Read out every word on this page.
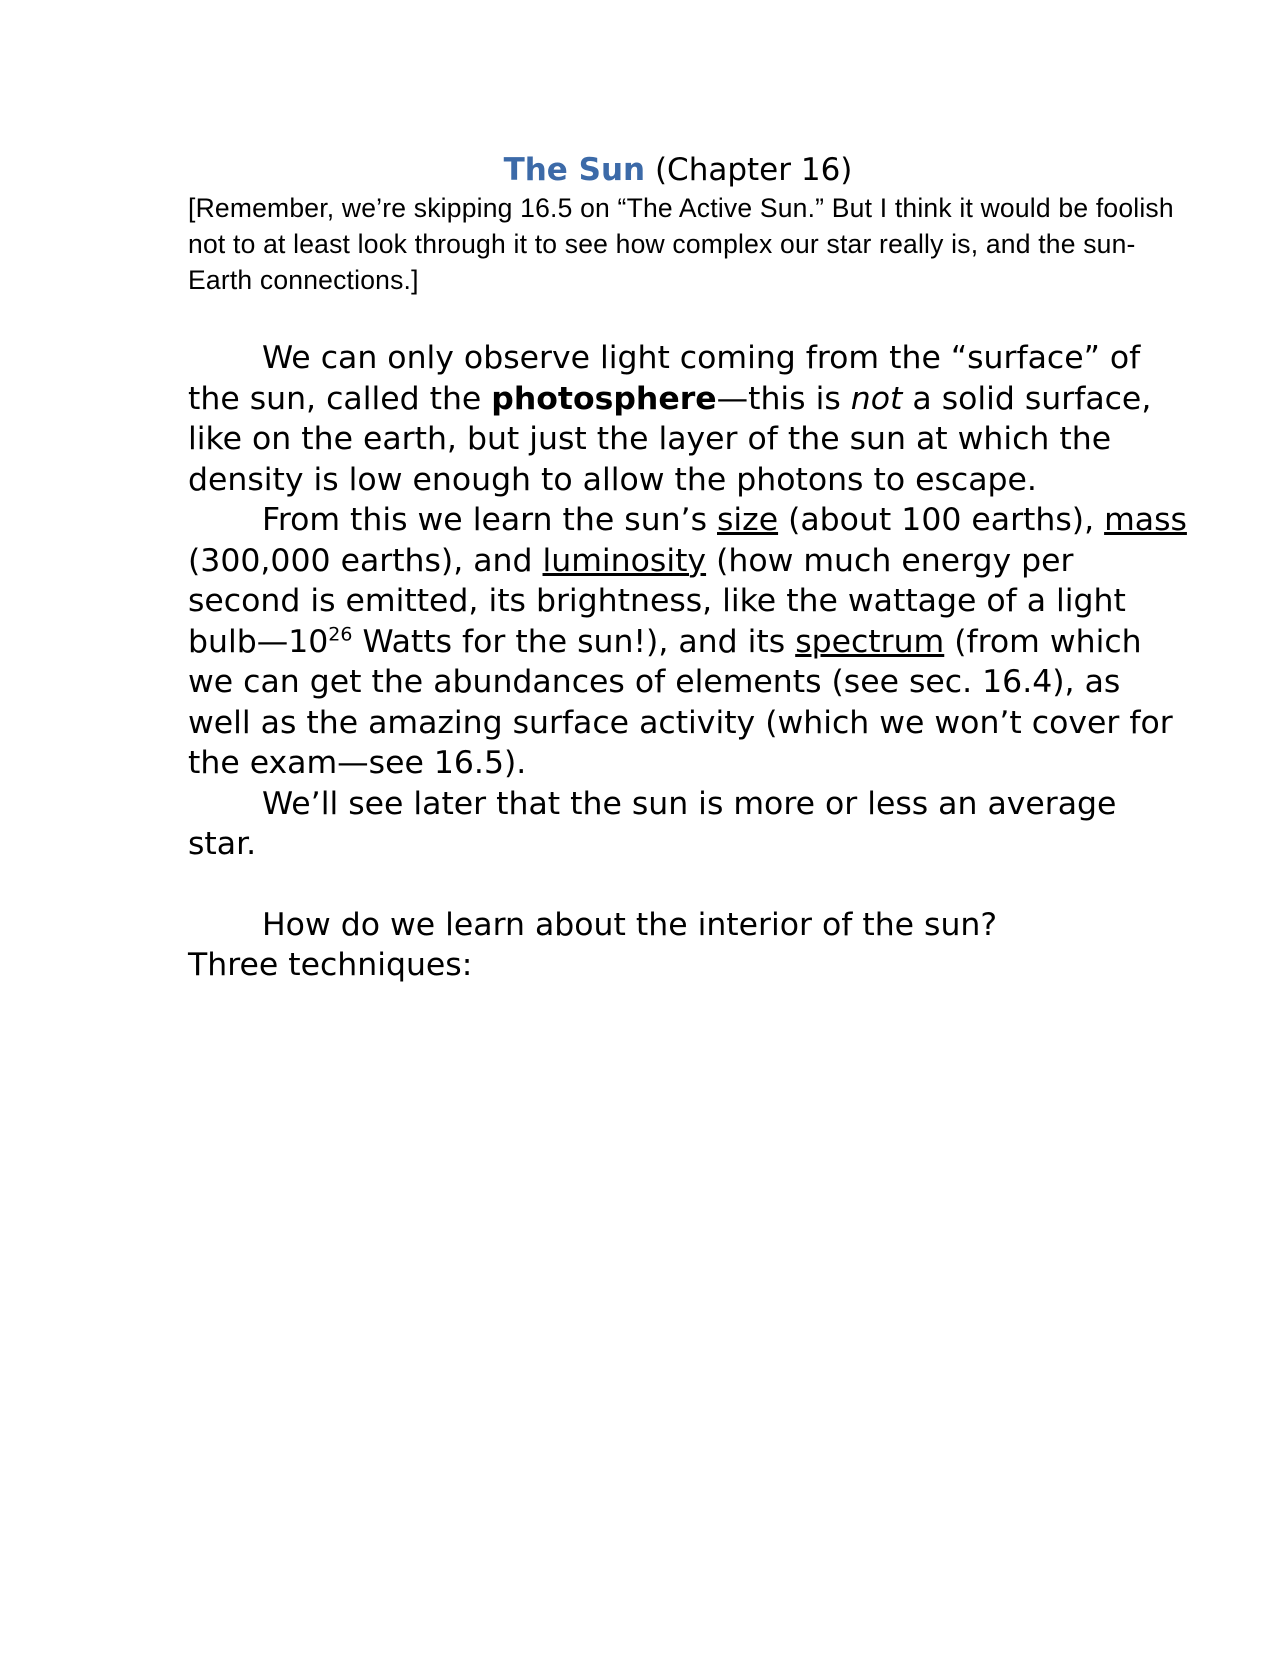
The Sun (Chapter 16)

[Remember, we’re skipping 16.5 on “The Active Sun.” But I think it would be foolish not to at least look through it to see how complex our star really is, and the sun-Earth connections.]

We can only observe light coming from the “surface” of the sun, called the photosphere—this is not a solid surface, like on the earth, but just the layer of the sun at which the density is low enough to allow the photons to escape.

From this we learn the sun’s size (about 100 earths), mass (300,000 earths), and luminosity (how much energy per second is emitted, its brightness, like the wattage of a light $bulb—10^{26}$ Watts for the sun!), and its spectrum (from which we can get the abundances of elements (see sec. 16.4), as well as the amazing surface activity (which we won’t cover for the exam—see 16.5).

We’ll see later that the sun is more or less an average star.

How do we learn about the interior of the sun?
Three techniques:
